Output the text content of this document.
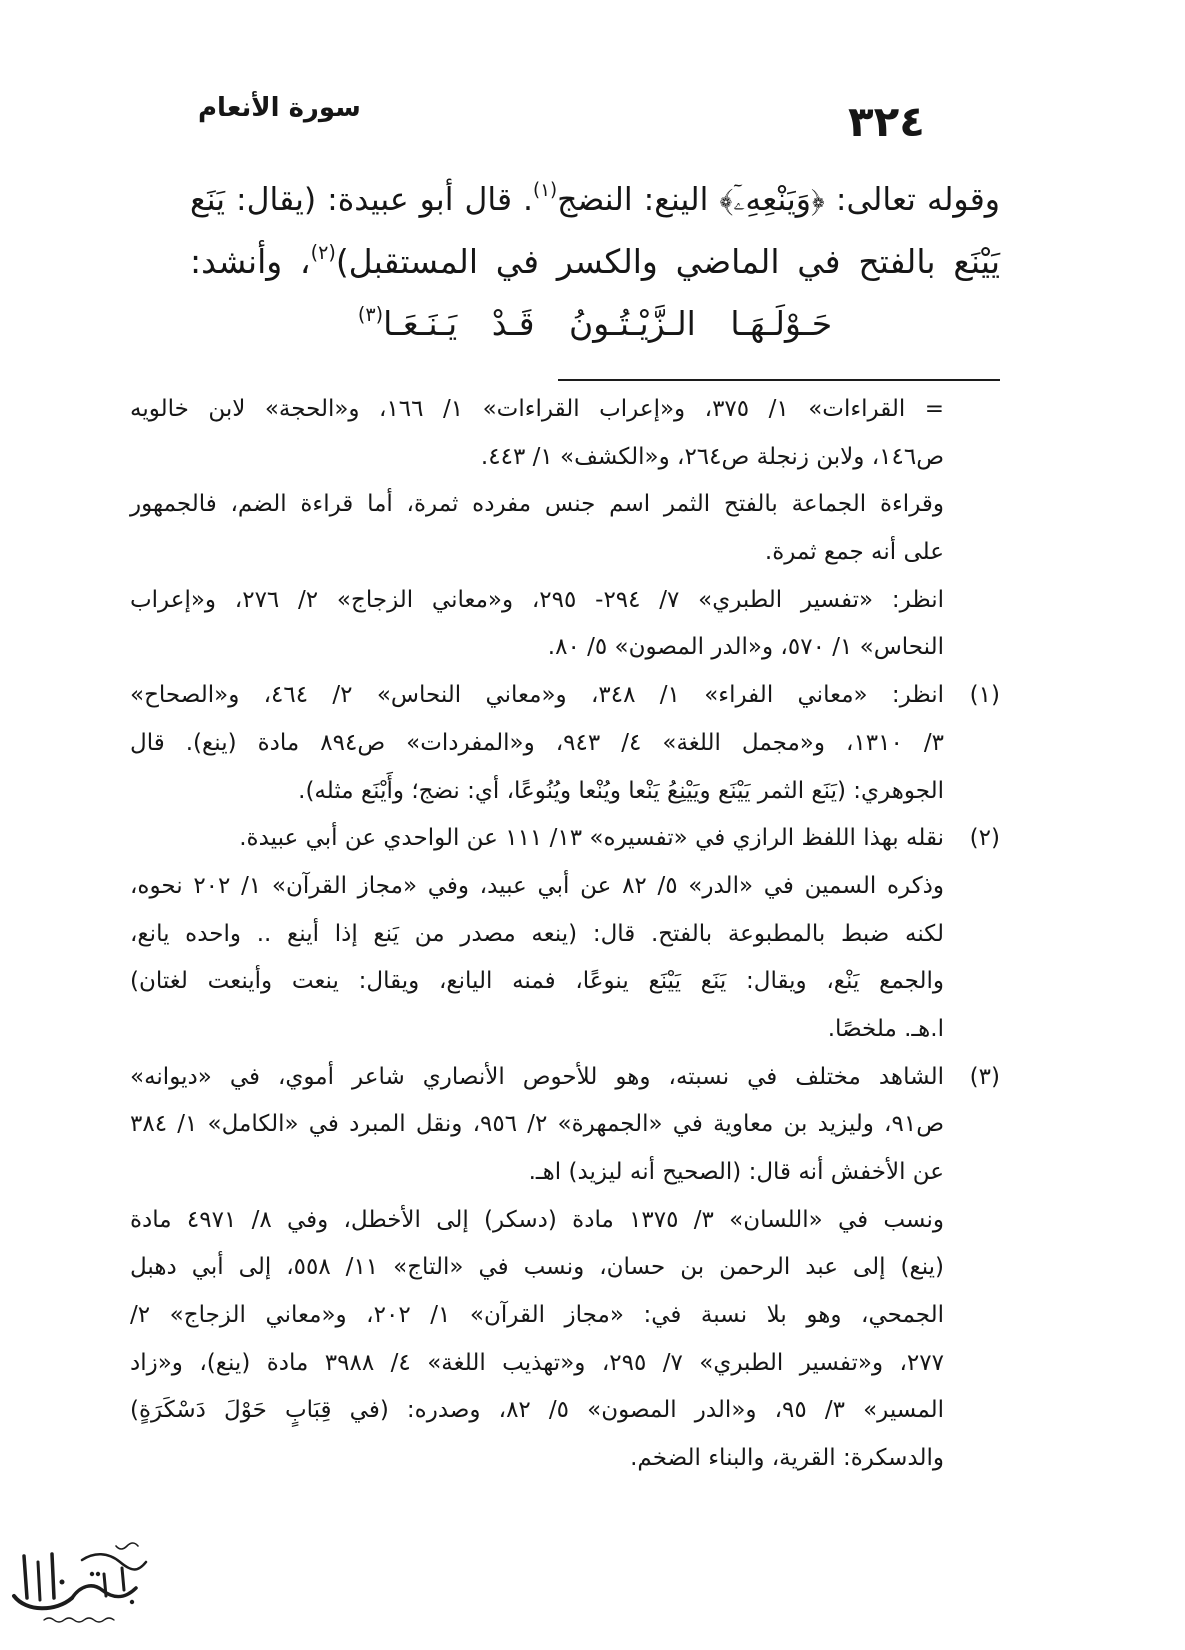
سورة الأنعام	٣٢٤
وقوله تعالى: ﴿وَيَنْعِهِۦٓ﴾ الينع: النضج$^{(١)}$. قال أبو عبيدة: (يقال: يَنَع
يَيْنَع بالفتح في الماضي والكسر في المستقبل)$^{(٢)}$، وأنشد:
حَـوْلَـهَـا الـزَّيْـتُـونُ قَـدْ يَـنَـعَـا$^{(٣)}$
= القراءات» ١/ ٣٧٥، و«إعراب القراءات» ١/ ١٦٦، و«الحجة» لابن خالويه
ص١٤٦، ولابن زنجلة ص٢٦٤، و«الكشف» ١/ ٤٤٣.
وقراءة الجماعة بالفتح الثمر اسم جنس مفرده ثمرة، أما قراءة الضم، فالجمهور
على أنه جمع ثمرة.
انظر: «تفسير الطبري» ٧/ ٢٩٤- ٢٩٥، و«معاني الزجاج» ٢/ ٢٧٦، و«إعراب
النحاس» ١/ ٥٧٠، و«الدر المصون» ٥/ ٨٠.
(١)
انظر: «معاني الفراء» ١/ ٣٤٨، و«معاني النحاس» ٢/ ٤٦٤، و«الصحاح»
٣/ ١٣١٠، و«مجمل اللغة» ٤/ ٩٤٣، و«المفردات» ص٨٩٤ مادة (ينع). قال
الجوهري: (يَنَع الثمر يَيْنَع ويَيْنِعُ يَنْعا ويُنْعا ويُنُوعًا، أي: نضج؛ وأَيْنَع مثله).
(٢)
نقله بهذا اللفظ الرازي في «تفسيره» ١٣/ ١١١ عن الواحدي عن أبي عبيدة.
وذكره السمين في «الدر» ٥/ ٨٢ عن أبي عبيد، وفي «مجاز القرآن» ١/ ٢٠٢ نحوه،
لكنه ضبط بالمطبوعة بالفتح. قال: (ينعه مصدر من يَنع إذا أينع .. واحده يانع،
والجمع يَنْع، ويقال: يَنَع يَيْنَع ينوعًا، فمنه اليانع، ويقال: ينعت وأينعت لغتان)
ا.هـ. ملخصًا.
(٣)
الشاهد مختلف في نسبته، وهو للأحوص الأنصاري شاعر أموي، في «ديوانه»
ص٩١، وليزيد بن معاوية في «الجمهرة» ٢/ ٩٥٦، ونقل المبرد في «الكامل» ١/ ٣٨٤
عن الأخفش أنه قال: (الصحيح أنه ليزيد) اهـ.
ونسب في «اللسان» ٣/ ١٣٧٥ مادة (دسكر) إلى الأخطل، وفي ٨/ ٤٩٧١ مادة
(ينع) إلى عبد الرحمن بن حسان، ونسب في «التاج» ١١/ ٥٥٨، إلى أبي دهبل
الجمحي، وهو بلا نسبة في: «مجاز القرآن» ١/ ٢٠٢، و«معاني الزجاج» ٢/
٢٧٧، و«تفسير الطبري» ٧/ ٢٩٥، و«تهذيب اللغة» ٤/ ٣٩٨٨ مادة (ينع)، و«زاد
المسير» ٣/ ٩٥، و«الدر المصون» ٥/ ٨٢، وصدره: (في قِبَابٍ حَوْلَ دَسْكَرَةٍ)
والدسكرة: القرية، والبناء الضخم.
